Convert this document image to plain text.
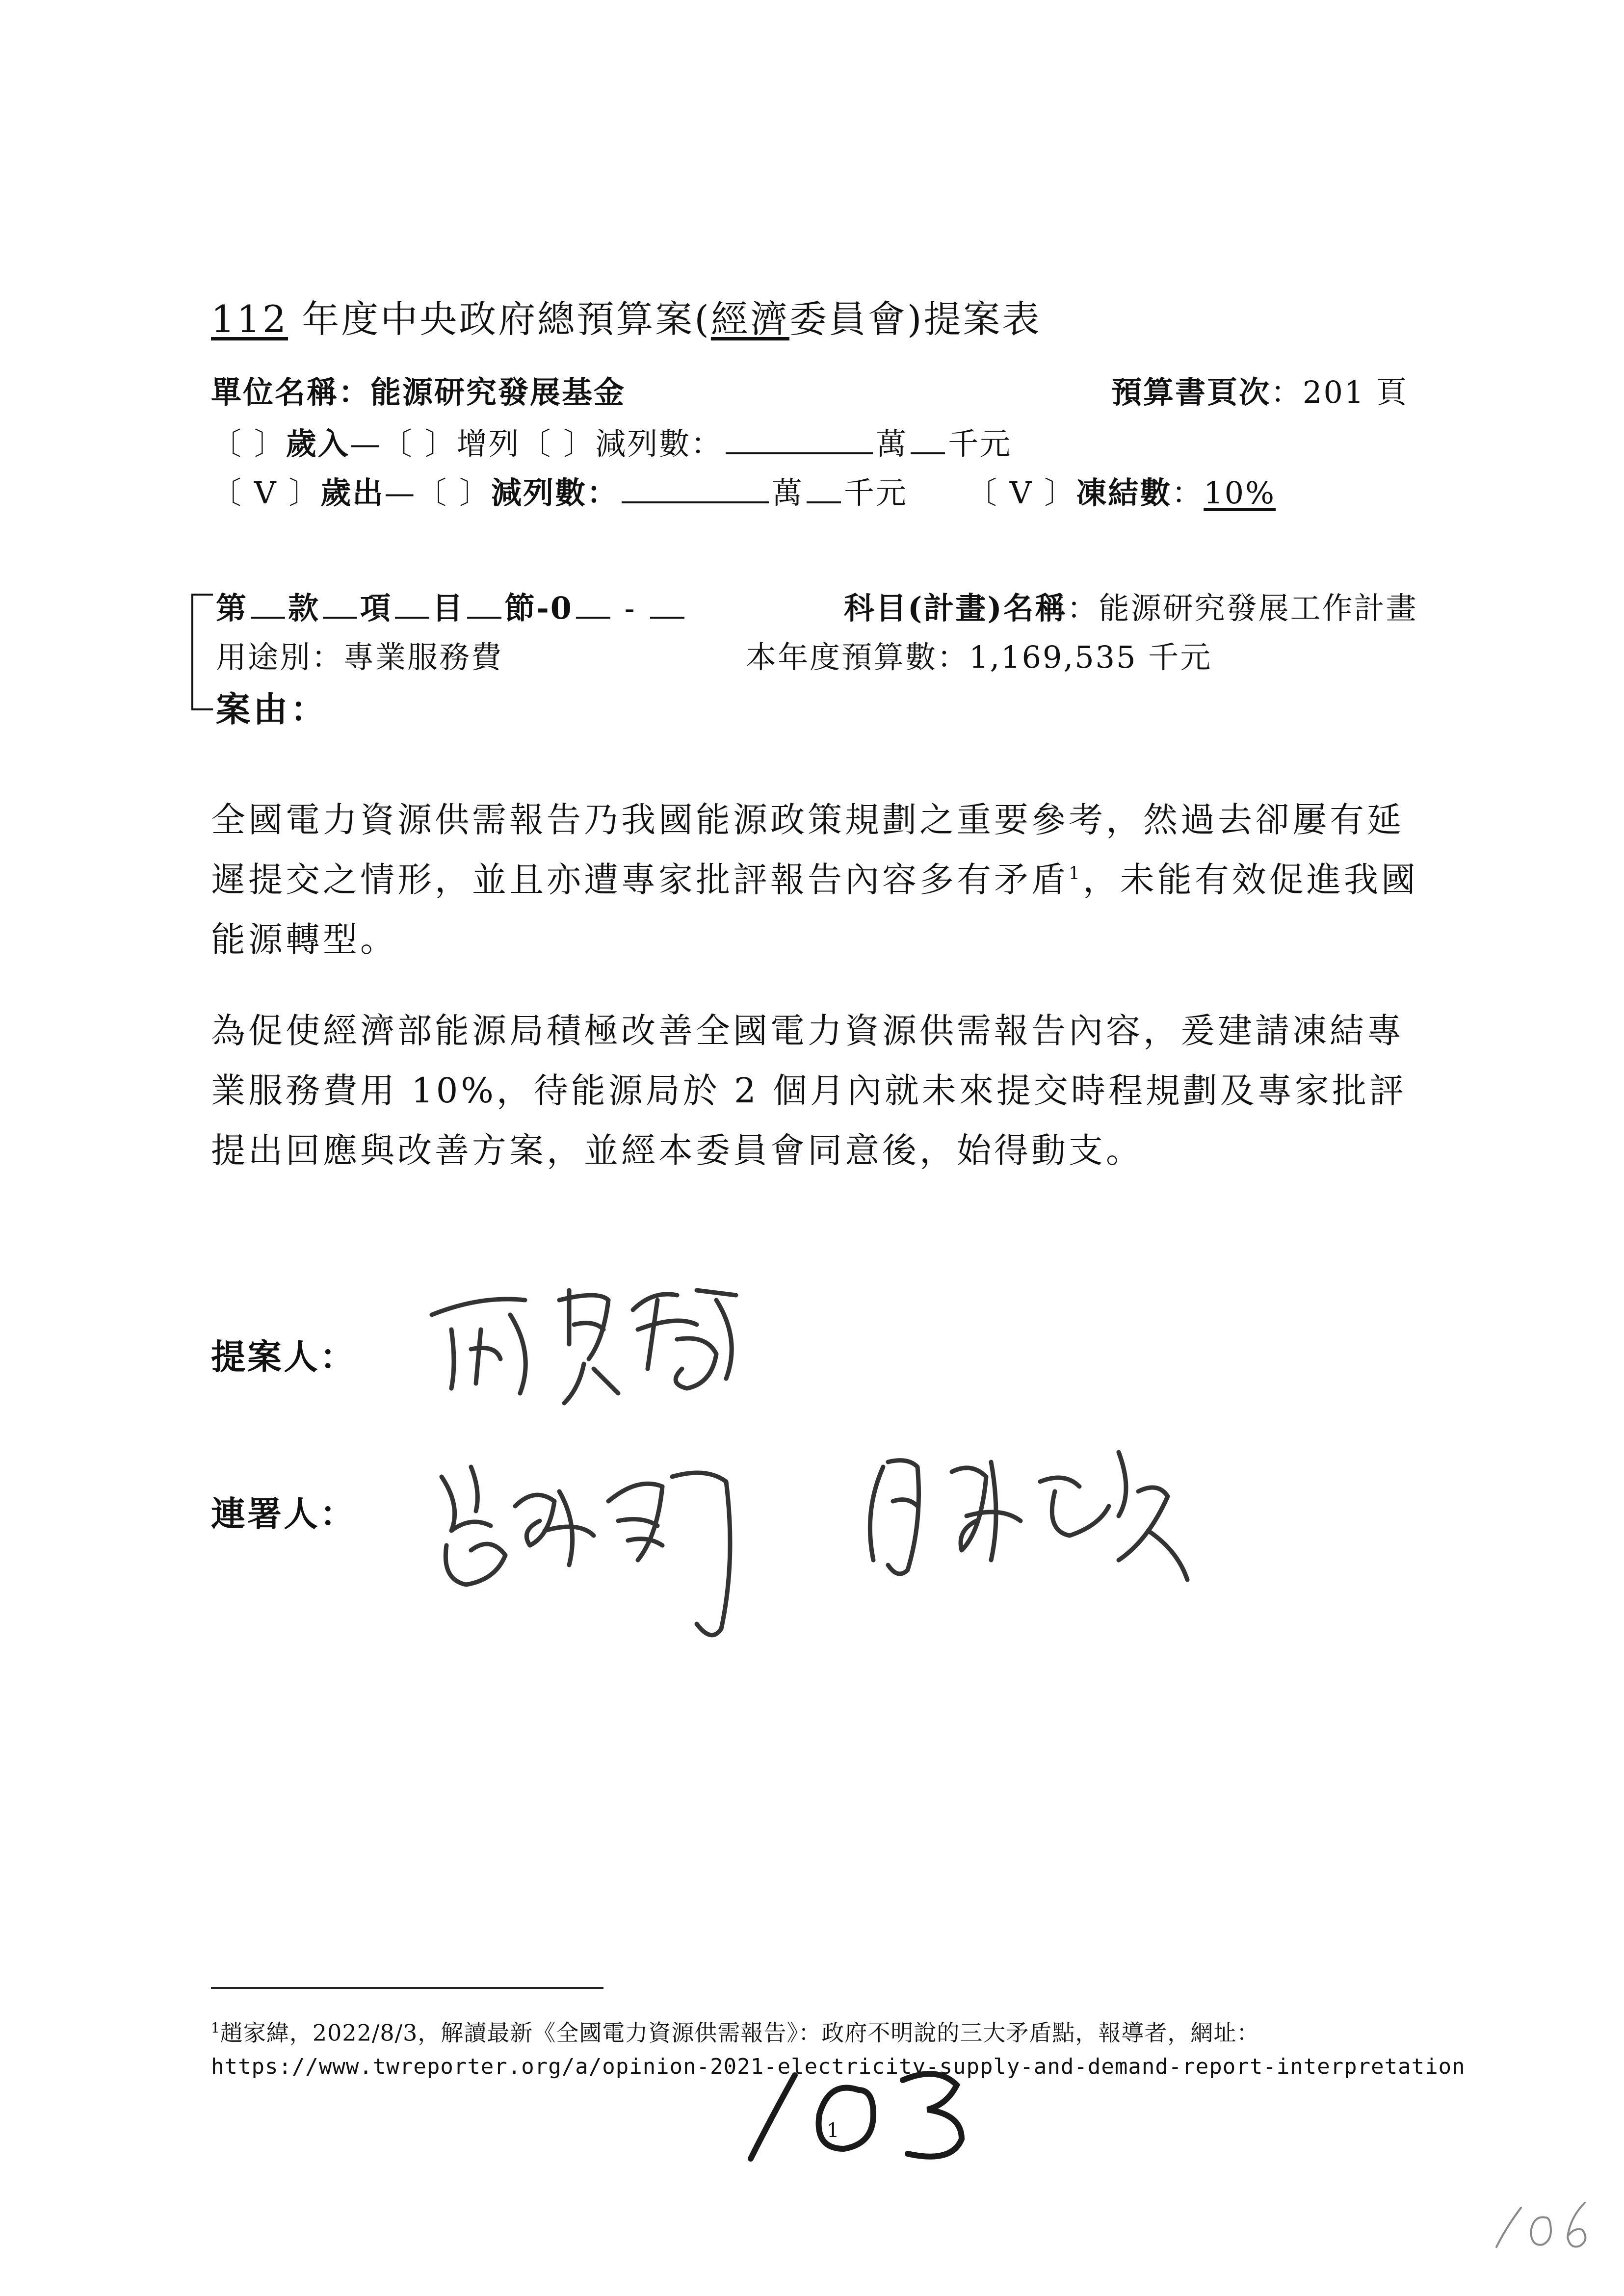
112 年度中央政府總預算案(經濟委員會)提案表
單位名稱：能源研究發展基金	預算書頁次：201 頁
〔 〕歲入—〔 〕增列〔 〕減列數：	萬 千元
〔 V 〕歲出—〔 〕減列數：	萬 千元 〔 V 〕凍結數：10%
第 款 項 目 節-0 -	科目(計畫)名稱：能源研究發展工作計畫
用途別：專業服務費	本年度預算數：1,169,535 千元
案由：
全國電力資源供需報告乃我國能源政策規劃之重要參考，然過去卻屢有延遲提交之情形，並且亦遭專家批評報告內容多有矛盾$^1$，未能有效促進我國能源轉型。
為促使經濟部能源局積極改善全國電力資源供需報告內容，爰建請凍結專業服務費用 10%，待能源局於 2 個月內就未來提交時程規劃及專家批評提出回應與改善方案，並經本委員會同意後，始得動支。
提案人：
連署人：
$^1$趙家緯，2022/8/3，解讀最新《全國電力資源供需報告》：政府不明說的三大矛盾點，報導者，網址：
https://www.twreporter.org/a/opinion-2021-electricity-supply-and-demand-report-interpretation
1
